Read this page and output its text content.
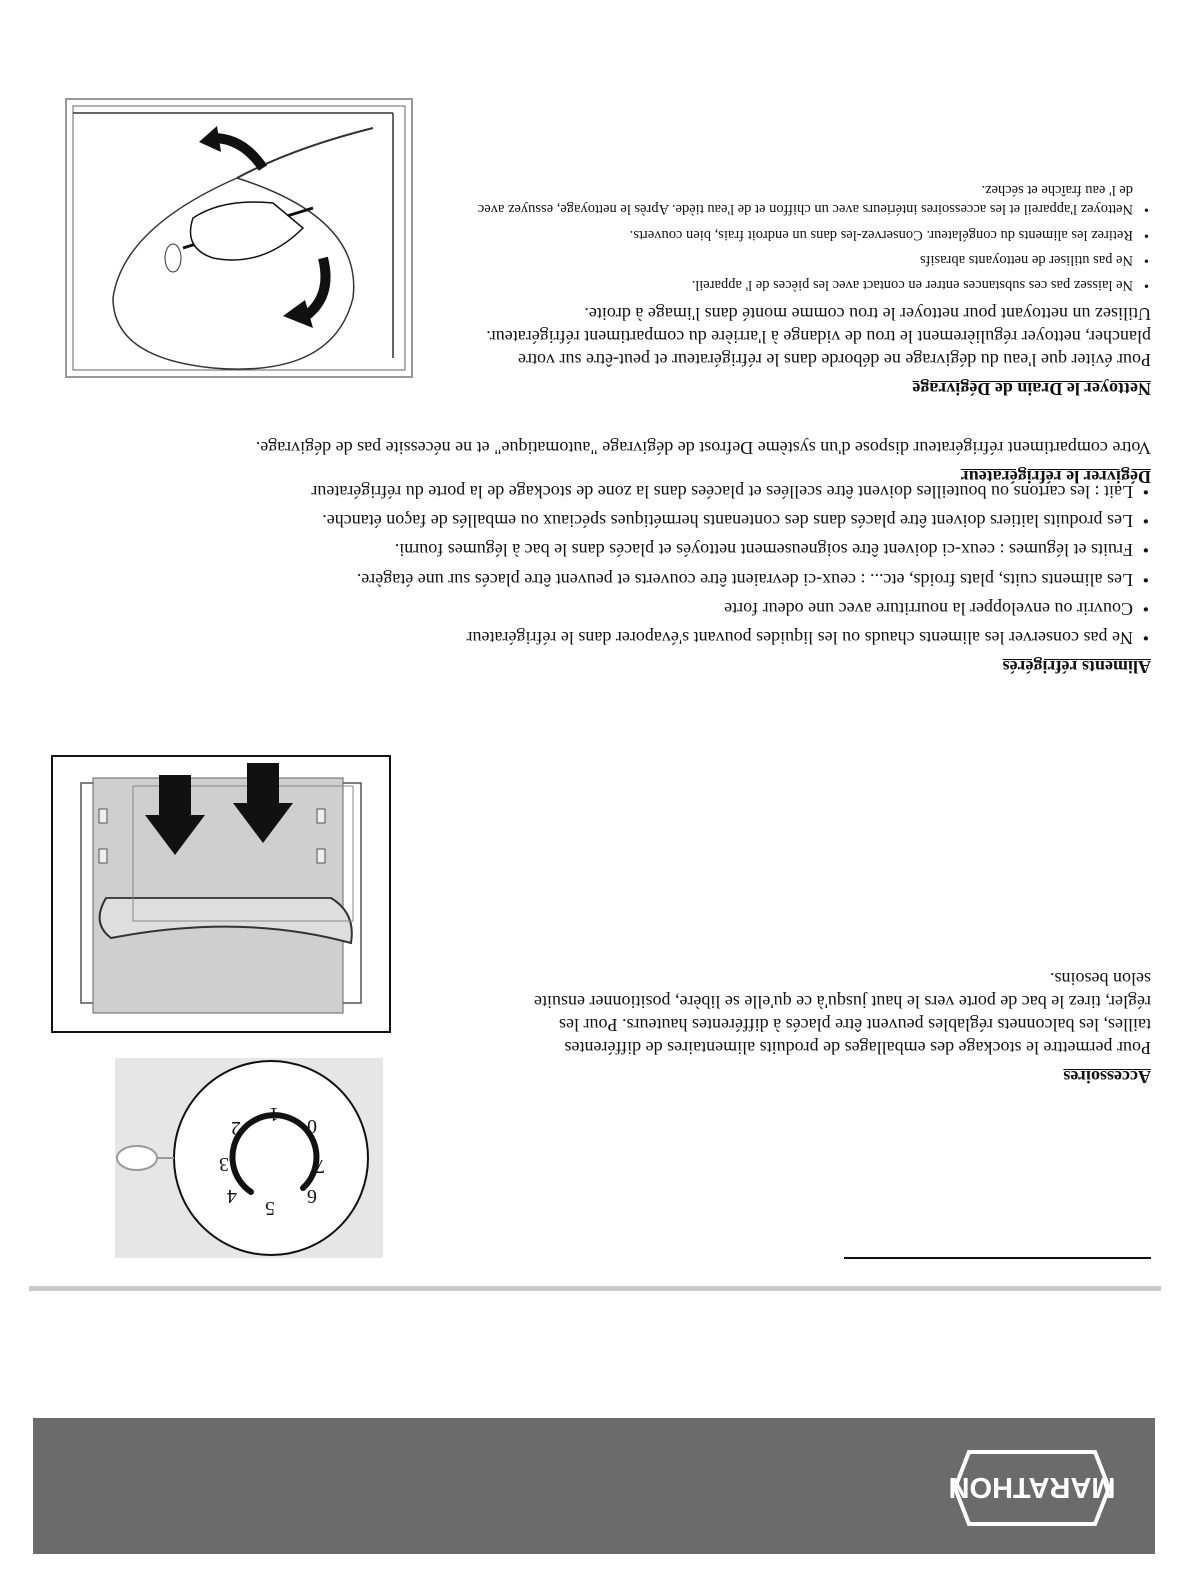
MARATHON
7
6
5
4
3
2
1
0
Accessoires

Pour permettre le stockage des emballages de produits alimentaires de différentes tailles, les balconnets réglables peuvent être placés à différentes hauteurs. Pour les régler, tirez le bac de porte vers le haut jusqu'à ce qu'elle se libère, positionner ensuite selon besoins.

Aliments réfrigérés
• Ne pas conserver les aliments chauds ou les liquides pouvant s'évaporer dans le réfrigérateur
• Couvrir ou envelopper la nourriture avec une odeur forte
• Les aliments cuits, plats froids, etc... : ceux-ci devraient être couverts et peuvent être placés sur une étagère.
• Fruits et légumes : ceux-ci doivent être soigneusement nettoyés et placés dans le bac à légumes fourni.
• Les produits laitiers doivent être placés dans des contenants hermétiques spéciaux ou emballés de façon étanche.
• Lait : les cartons ou bouteilles doivent être scellées et placées dans la zone de stockage de la porte du réfrigérateur
Dégivrer le réfrigérateur

Votre compartiment réfrigérateur dispose d'un système Defrost de dégivrage "automatique" et ne nécessite pas de dégivrage.

Nettoyer le Drain de Dégivrage

Pour éviter que l'eau du dégivrage ne déborde dans le réfrigérateur et peut-être sur votre plancher, nettoyer régulièrement le trou de vidange à l'arrière du compartiment réfrigérateur. Utilisez un nettoyant pour nettoyer le trou comme monté dans l'image à droite.

• Ne laissez pas ces substances entrer en contact avec les pièces de l' appareil.
• Ne pas utiliser de nettoyants abrasifs
• Retirez les aliments du congélateur. Conservez-les dans un endroit frais, bien couverts.
• Nettoyez l'appareil et les accessoires intérieurs avec un chiffon et de l'eau tiède. Après le nettoyage, essuyez avec de l' eau fraîche et séchez.
